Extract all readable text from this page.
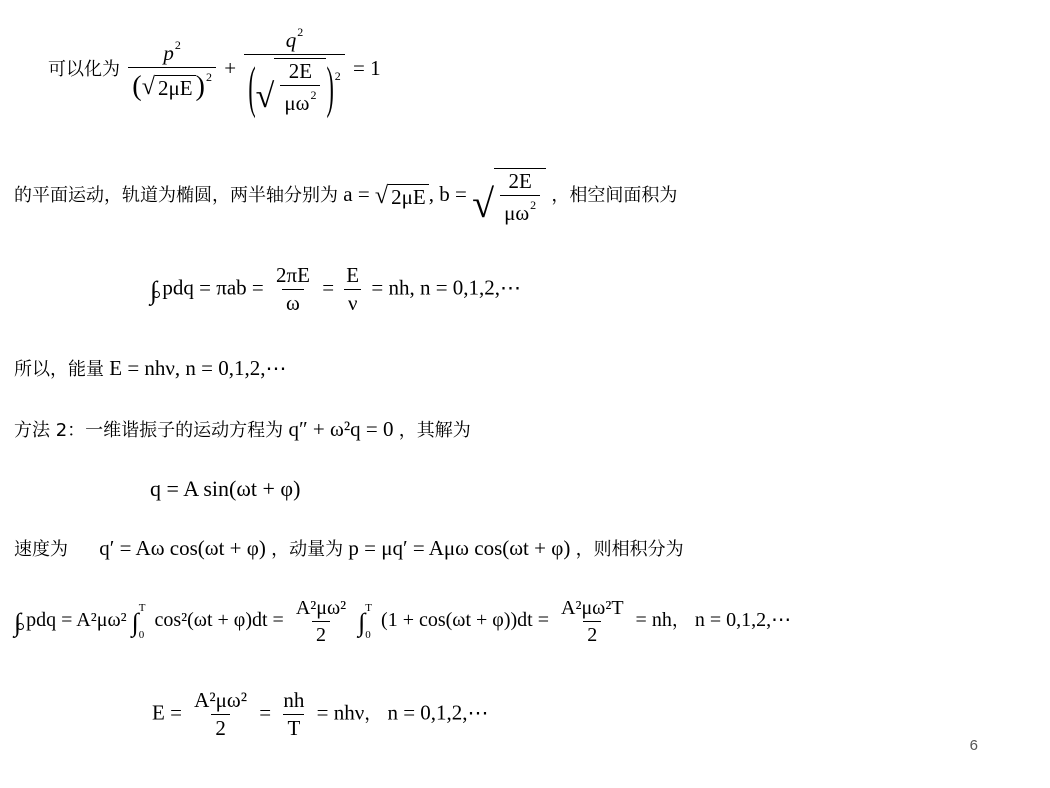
可以化为 $\frac{p^2}{( √ 2\mu E )^2} + \frac{q^2}{( √ \frac{2E}{\mu\omega^2} )^2} = 1$
的平面运动，轨道为椭圆，两半轴分别为 a = √ 2μE , b = √ $\frac{2E}{\mu\omega^2}$ ，相空间面积为
∫ pdq = $\pi ab = \frac{2\pi E}{\omega} = \frac{E}{\nu}$ = nh, n = 0,1,2,⋯
所以，能量 E = nhν, n = 0,1,2,⋯
方法 2：一维谐振子的运动方程为 q″ + ω²q = 0 ，其解为
q = A sin(ωt + φ)
速度为 q′ = Aω cos(ωt + φ) ，动量为 p = μq′ = Aμω cos(ωt + φ) ，则相积分为
∫ pdq = A²μω² ∫
T
0
$\cos^2(\omega t + \varphi)dt = \frac{\text{A²μω²}}{2}$ ∫
T
0
$(1 + \cos(\omega t + \varphi))dt = \frac{\text{A²μω²T}}{2}$ = nh， n = 0,1,2,⋯
$E = \frac{\text{A²μω²}}{2} = \frac{nh}{T} = nh\nu$， n = 0,1,2,⋯
6
